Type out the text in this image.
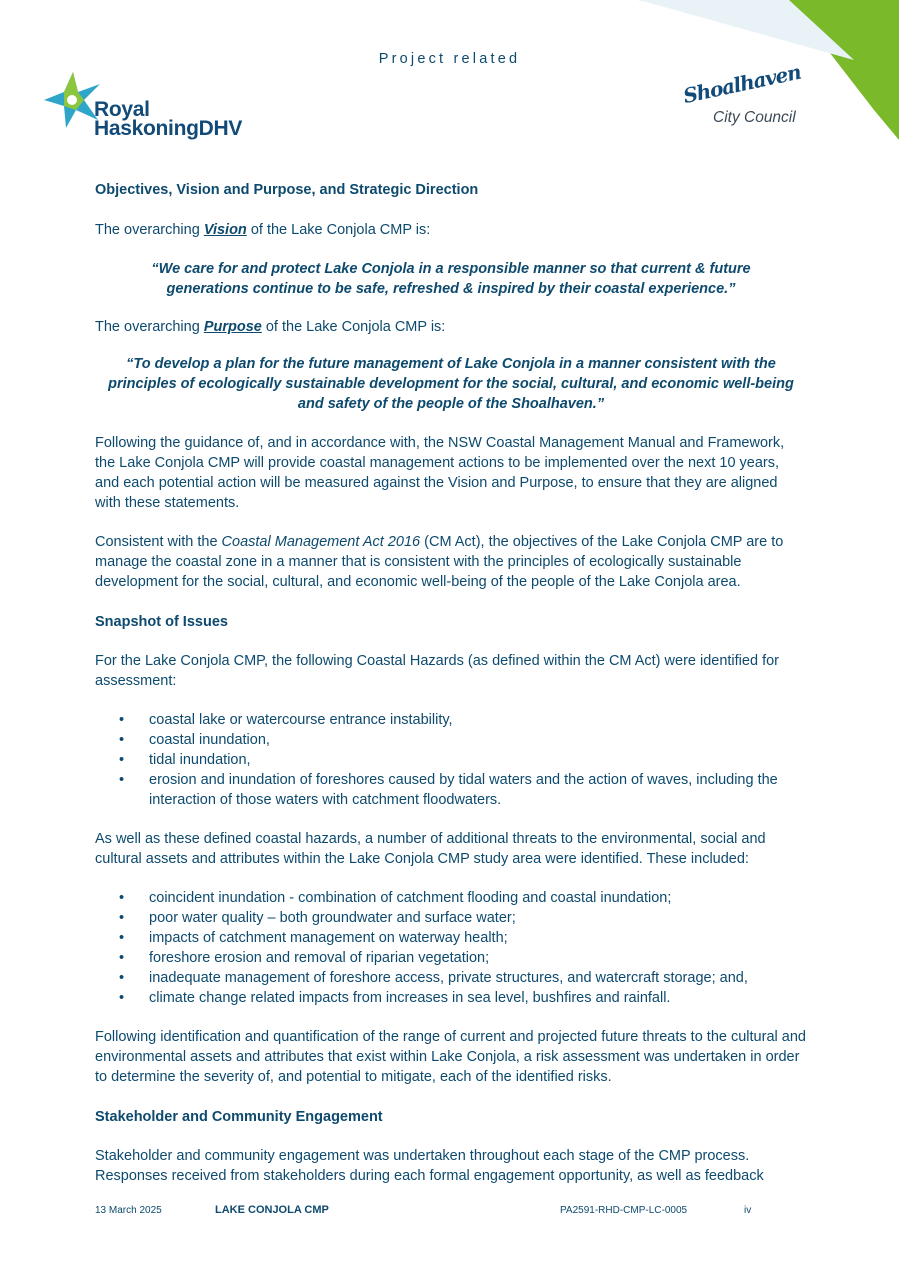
Project related
Royal
HaskoningDHV
Shoalhaven
City Council

Objectives, Vision and Purpose, and Strategic Direction

The overarching Vision of the Lake Conjola CMP is:

“We care for and protect Lake Conjola in a responsible manner so that current & future generations continue to be safe, refreshed & inspired by their coastal experience.”

The overarching Purpose of the Lake Conjola CMP is:

“To develop a plan for the future management of Lake Conjola in a manner consistent with the principles of ecologically sustainable development for the social, cultural, and economic well-being and safety of the people of the Shoalhaven.”

Following the guidance of, and in accordance with, the NSW Coastal Management Manual and Framework, the Lake Conjola CMP will provide coastal management actions to be implemented over the next 10 years, and each potential action will be measured against the Vision and Purpose, to ensure that they are aligned with these statements.

Consistent with the Coastal Management Act 2016 (CM Act), the objectives of the Lake Conjola CMP are to manage the coastal zone in a manner that is consistent with the principles of ecologically sustainable development for the social, cultural, and economic well-being of the people of the Lake Conjola area.

Snapshot of Issues

For the Lake Conjola CMP, the following Coastal Hazards (as defined within the CM Act) were identified for assessment:

• coastal lake or watercourse entrance instability,
• coastal inundation,
• tidal inundation,
• erosion and inundation of foreshores caused by tidal waters and the action of waves, including the interaction of those waters with catchment floodwaters.

As well as these defined coastal hazards, a number of additional threats to the environmental, social and cultural assets and attributes within the Lake Conjola CMP study area were identified. These included:

• coincident inundation - combination of catchment flooding and coastal inundation;
• poor water quality – both groundwater and surface water;
• impacts of catchment management on waterway health;
• foreshore erosion and removal of riparian vegetation;
• inadequate management of foreshore access, private structures, and watercraft storage; and,
• climate change related impacts from increases in sea level, bushfires and rainfall.

Following identification and quantification of the range of current and projected future threats to the cultural and environmental assets and attributes that exist within Lake Conjola, a risk assessment was undertaken in order to determine the severity of, and potential to mitigate, each of the identified risks.

Stakeholder and Community Engagement

Stakeholder and community engagement was undertaken throughout each stage of the CMP process. Responses received from stakeholders during each formal engagement opportunity, as well as feedback

13 March 2025	LAKE CONJOLA CMP	PA2591-RHD-CMP-LC-0005	iv
